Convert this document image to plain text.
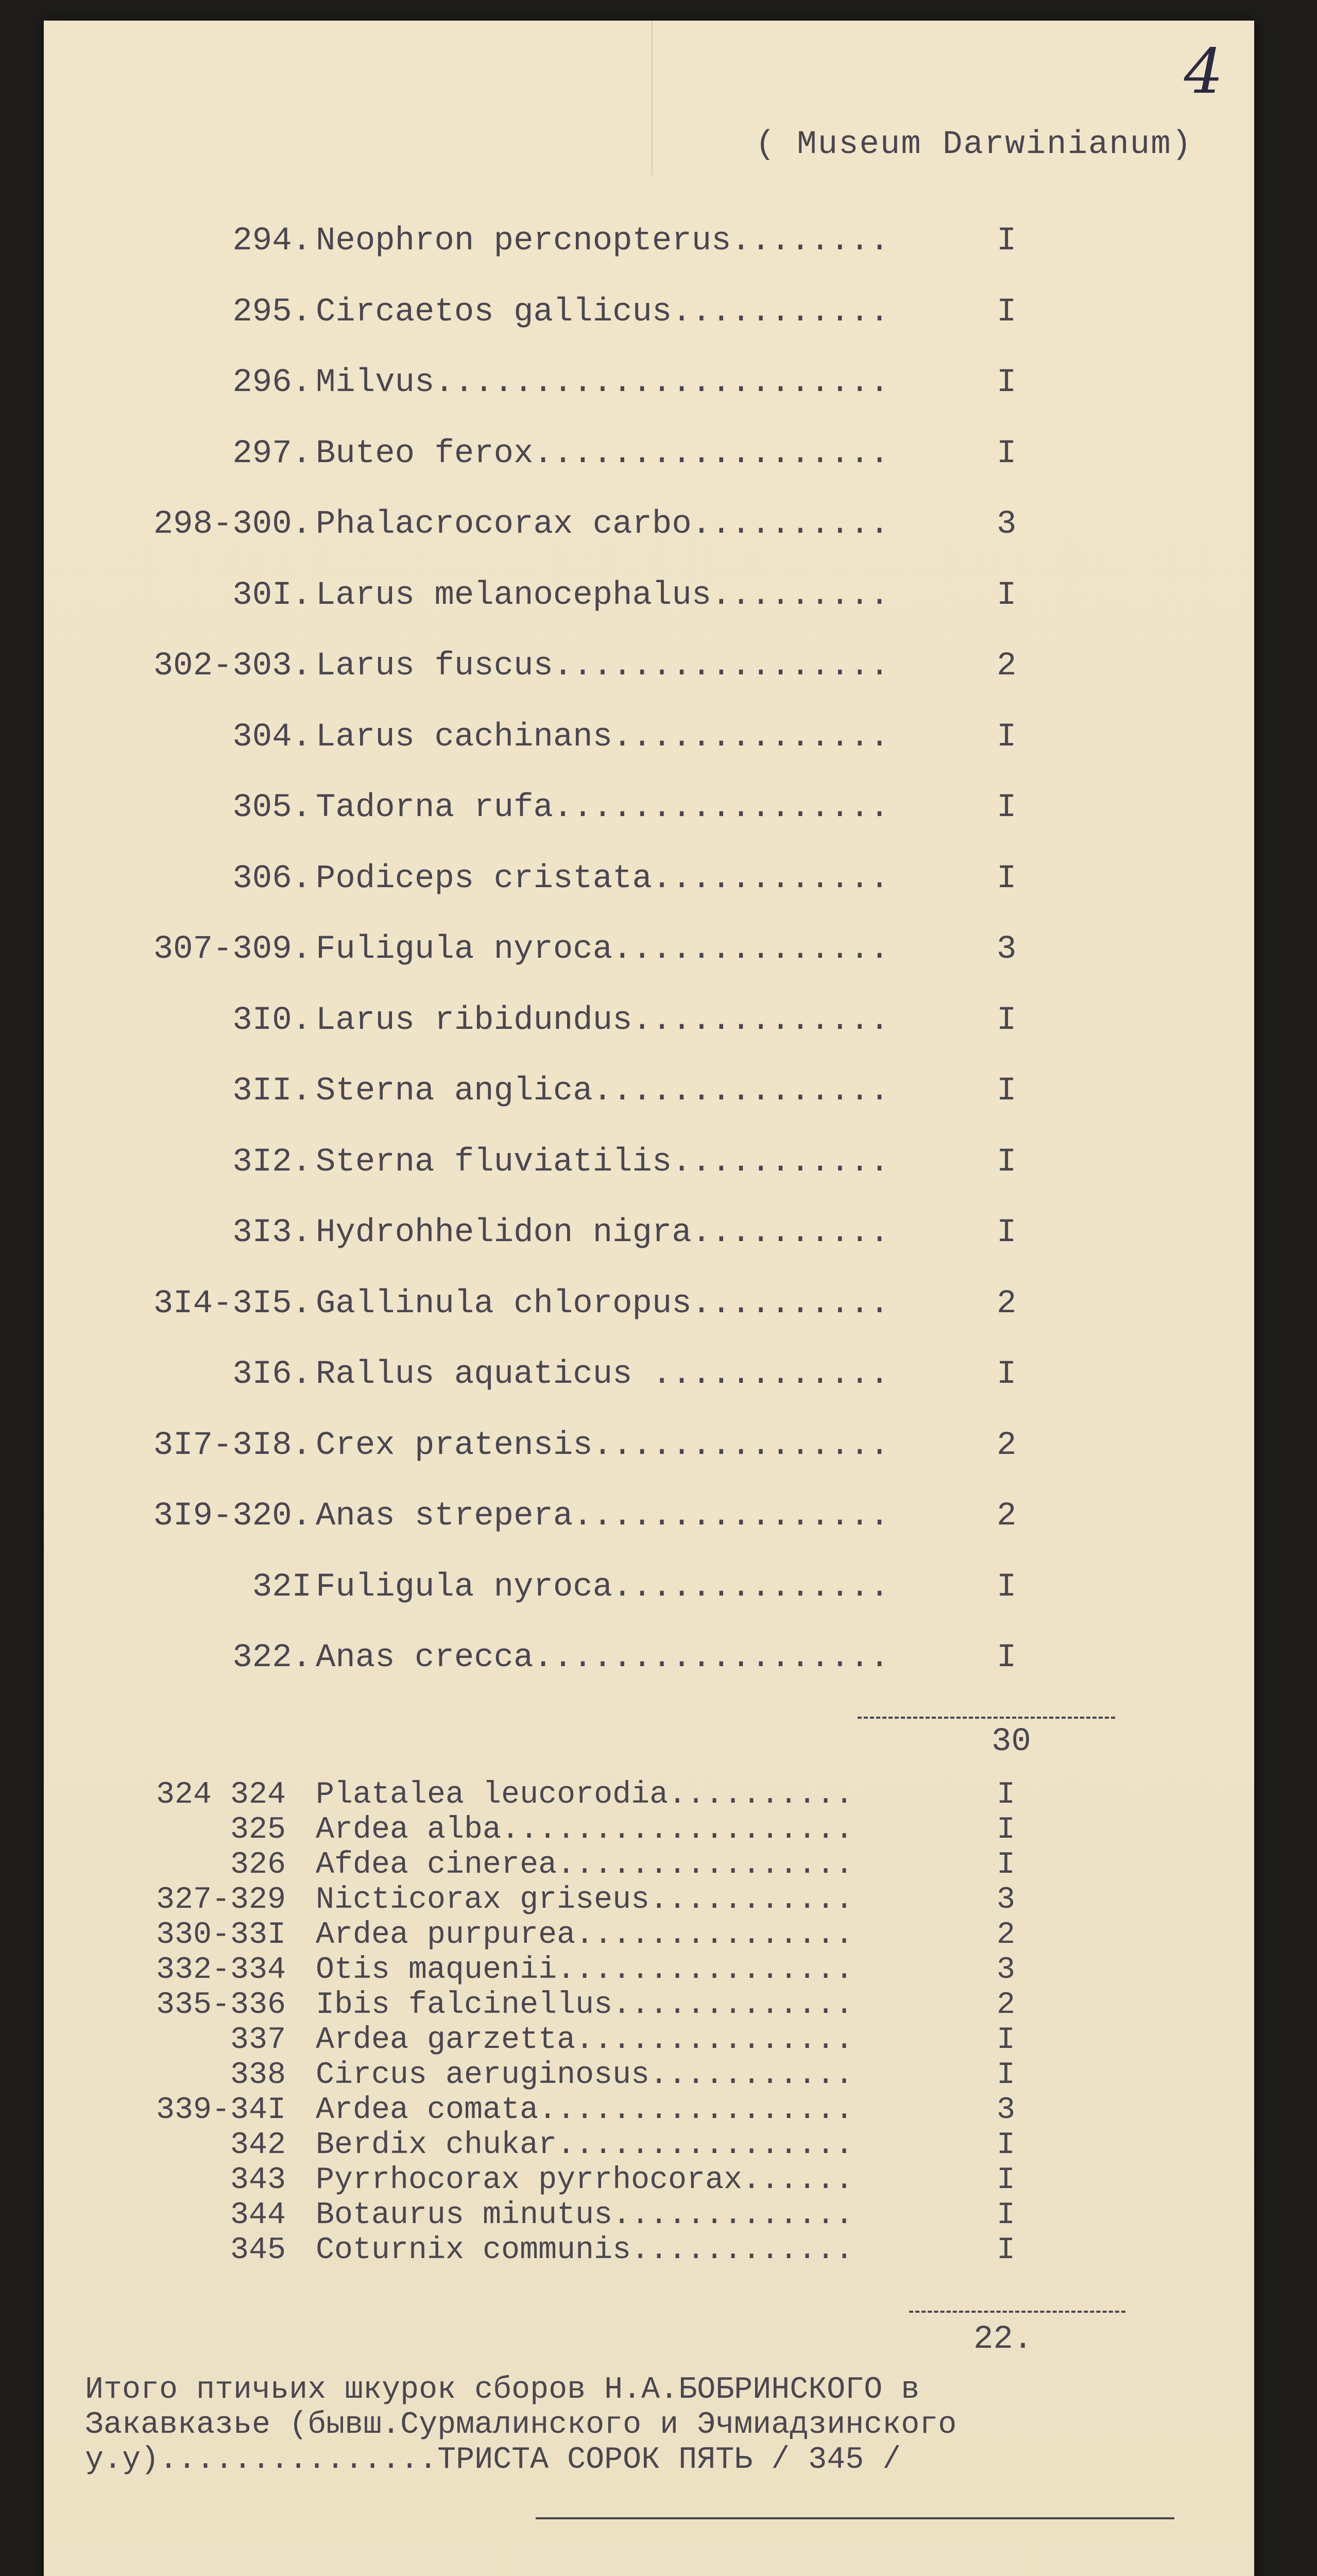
4
( Museum Darwinianum)
294. Neophron percnopterus........	I
295. Circaetos gallicus...........	I
296. Milvus.......................	I
297. Buteo ferox..................	I
298-300. Phalacrocorax carbo..........	3
30I. Larus melanocephalus.........	I
302-303. Larus fuscus.................	2
304. Larus cachinans..............	I
305. Tadorna rufa.................	I
306. Podiceps cristata............	I
307-309. Fuligula nyroca..............	3
3I0. Larus ribidundus.............	I
3II. Sterna anglica...............	I
3I2. Sterna fluviatilis...........	I
3I3. Hydrohhelidon nigra..........	I
3I4-3I5. Gallinula chloropus..........	2
3I6. Rallus aquaticus ............	I
3I7-3I8. Crex pratensis...............	2
3I9-320. Anas strepera................	2
32I Fuligula nyroca..............	I
322. Anas crecca..................	I
30
324 324 Platalea leucorodia..........	I
325 Ardea alba...................	I
326 Afdea cinerea................	I
327-329 Nicticorax griseus...........	3
330-33I Ardea purpurea...............	2
332-334 Otis maquenii................	3
335-336 Ibis falcinellus.............	2
337 Ardea garzetta...............	I
338 Circus aeruginosus...........	I
339-34I Ardea comata.................	3
342 Berdix chukar................	I
343 Pyrrhocorax pyrrhocorax......	I
344 Botaurus minutus.............	I
345 Coturnix communis............	I
22.
Итого птичьих шкурок сборов Н.А.БОБРИНСКОГО в
Закавказье (бывш.Сурмалинского и Эчмиадзинского
у.у)...............ТРИСТА СОРОК ПЯТЬ / 345 /
